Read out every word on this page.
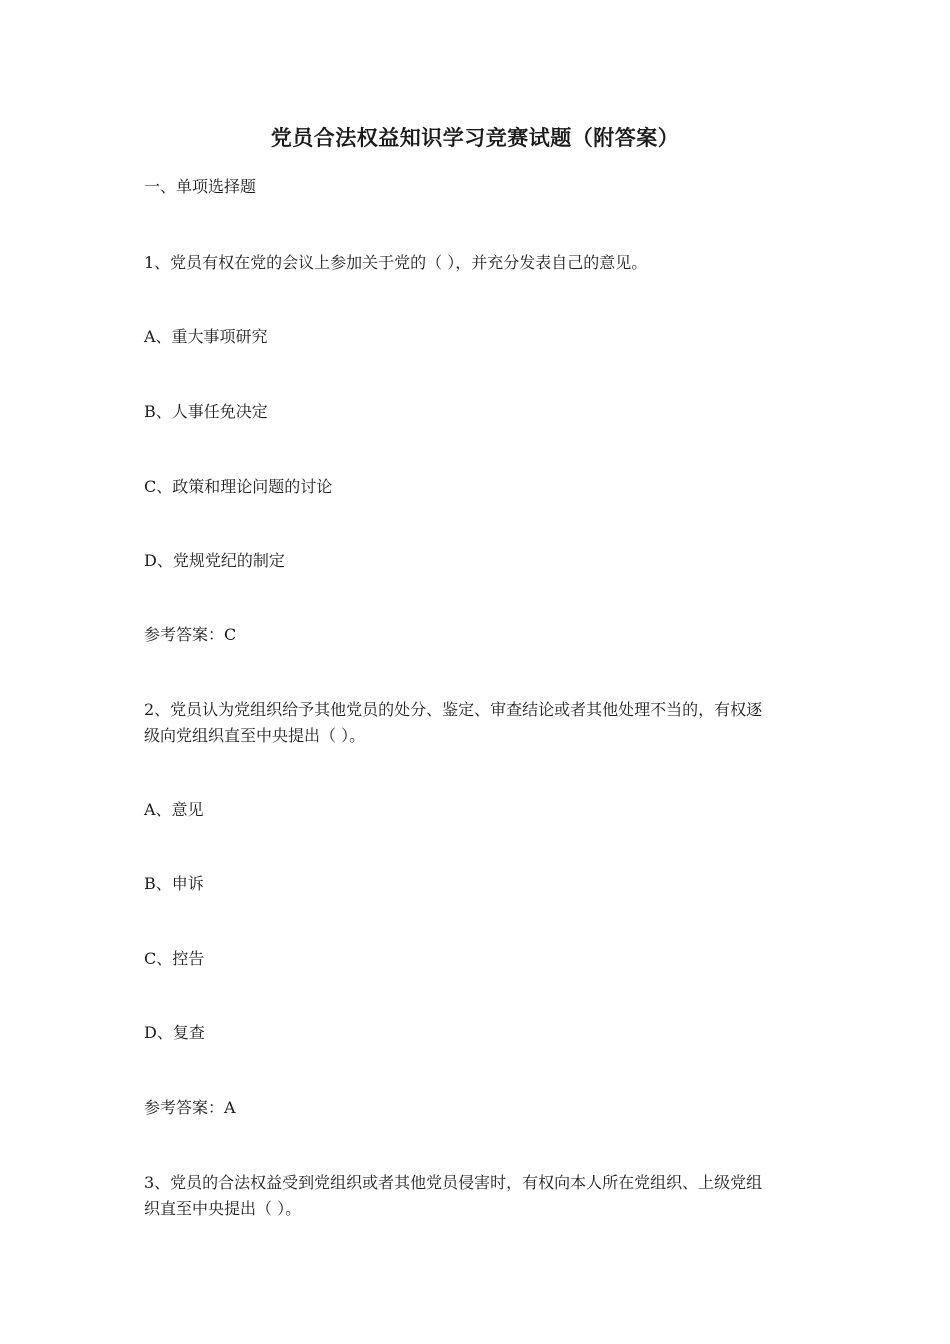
党员合法权益知识学习竞赛试题（附答案）
一、单项选择题
1、党员有权在党的会议上参加关于党的（ ），并充分发表自己的意见。
A、重大事项研究
B、人事任免决定
C、政策和理论问题的讨论
D、党规党纪的制定
参考答案：C
2、党员认为党组织给予其他党员的处分、鉴定、审查结论或者其他处理不当的，有权逐
级向党组织直至中央提出（ ）。
A、意见
B、申诉
C、控告
D、复查
参考答案：A
3、党员的合法权益受到党组织或者其他党员侵害时，有权向本人所在党组织、上级党组
织直至中央提出（ ）。
